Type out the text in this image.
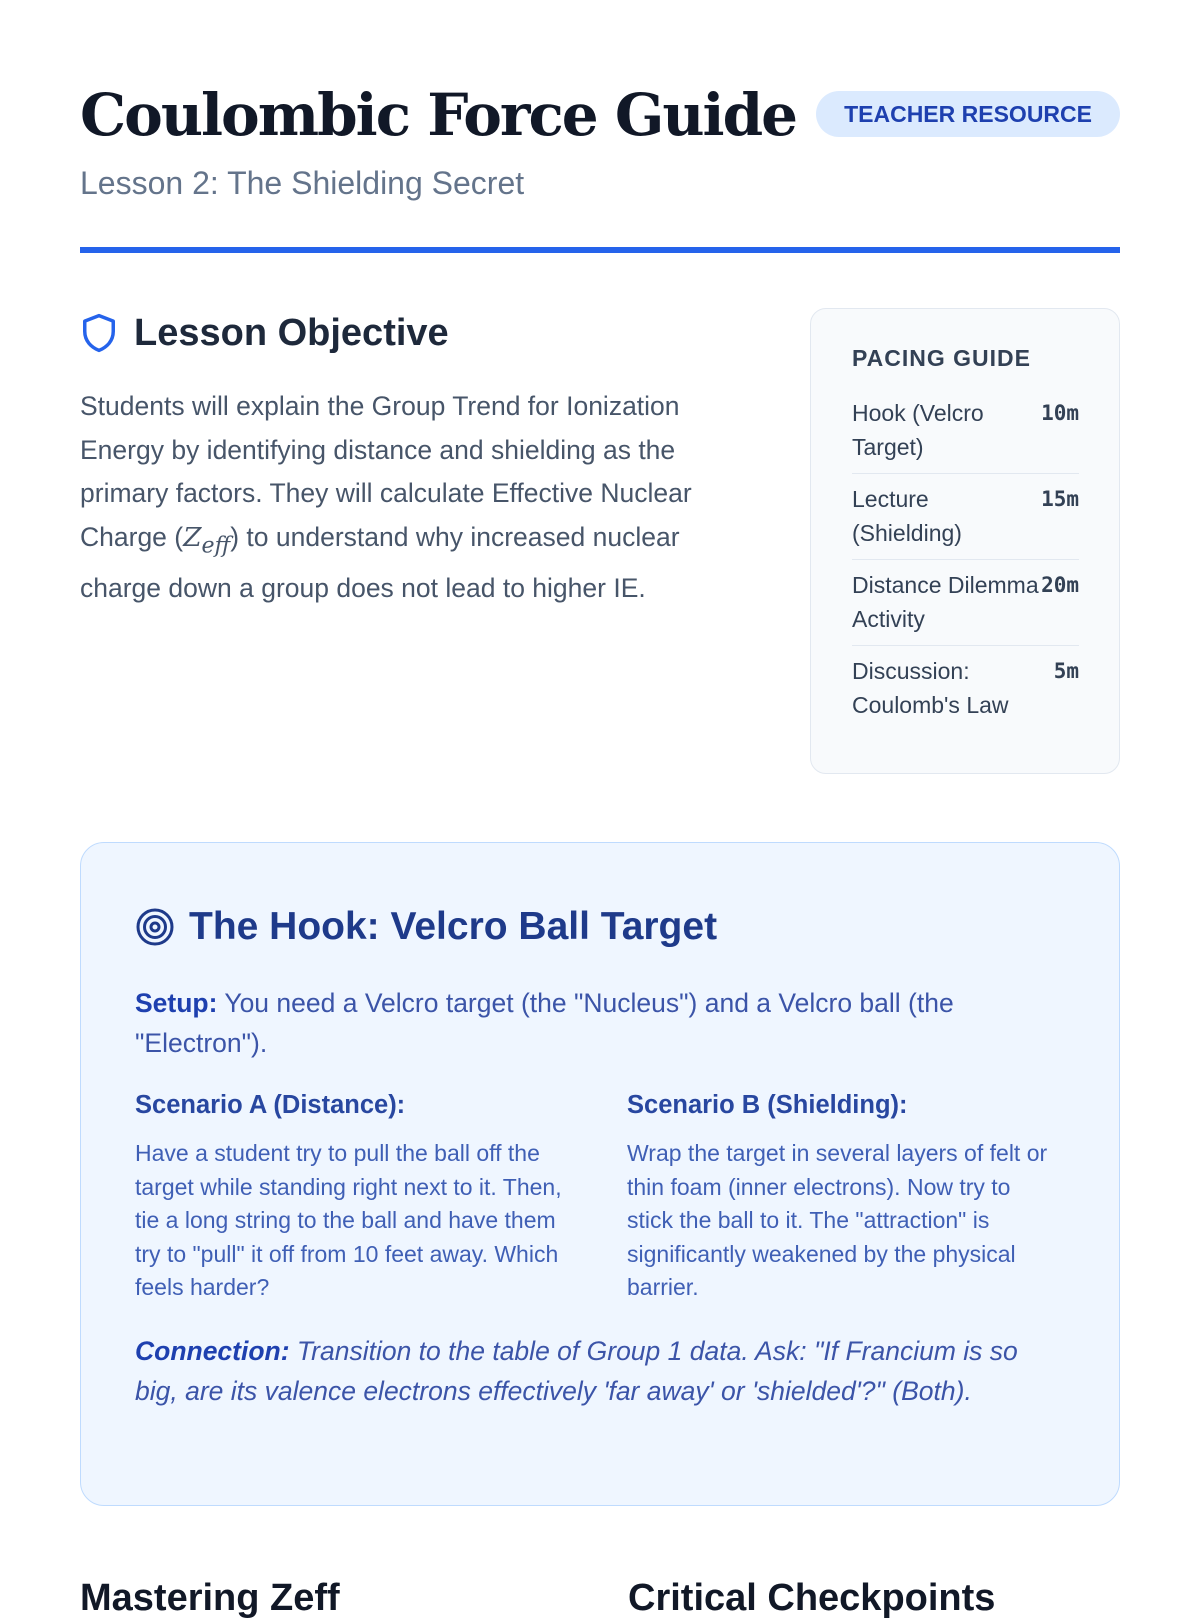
Coulombic Force Guide
Lesson 2: The Shielding Secret
TEACHER RESOURCE
Lesson Objective
Students will explain the Group Trend for Ionization Energy by identifying distance and shielding as the primary factors. They will calculate Effective Nuclear Charge $(Z_{eff})$ to understand why increased nuclear charge down a group does not lead to higher IE.
PACING GUIDE
Hook (Velcro Target)
10m
Lecture (Shielding)
15m
Distance Dilemma Activity
20m
Discussion: Coulomb's Law
5m
The Hook: Velcro Ball Target
Setup: You need a Velcro target (the "Nucleus") and a Velcro ball (the "Electron").
Scenario A (Distance):
Have a student try to pull the ball off the target while standing right next to it. Then, tie a long string to the ball and have them try to "pull" it off from 10 feet away. Which feels harder?
Scenario B (Shielding):
Wrap the target in several layers of felt or thin foam (inner electrons). Now try to stick the ball to it. The "attraction" is significantly weakened by the physical barrier.
Connection: Transition to the table of Group 1 data. Ask: "If Francium is so big, are its valence electrons effectively 'far away' or 'shielded'?" (Both).
Mastering Zeff	Critical Checkpoints
